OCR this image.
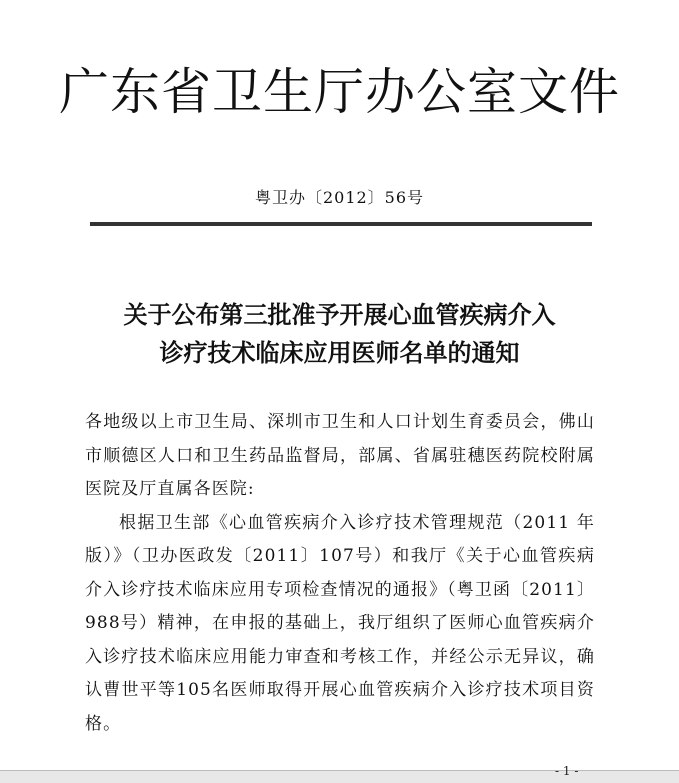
广东省卫生厅办公室文件
粤卫办〔2012〕56号
关于公布第三批准予开展心血管疾病介入
诊疗技术临床应用医师名单的通知

各地级以上市卫生局、深圳市卫生和人口计划生育委员会，佛山市顺德区人口和卫生药品监督局，部属、省属驻穗医药院校附属医院及厅直属各医院:

根据卫生部《心血管疾病介入诊疗技术管理规范（2011 年版）》（卫办医政发〔2011〕107号）和我厅《关于心血管疾病介入诊疗技术临床应用专项检查情况的通报》（粤卫函〔2011〕988号）精神，在申报的基础上，我厅组织了医师心血管疾病介入诊疗技术临床应用能力审查和考核工作，并经公示无异议，确认曹世平等105名医师取得开展心血管疾病介入诊疗技术项目资格。

- 1 -
